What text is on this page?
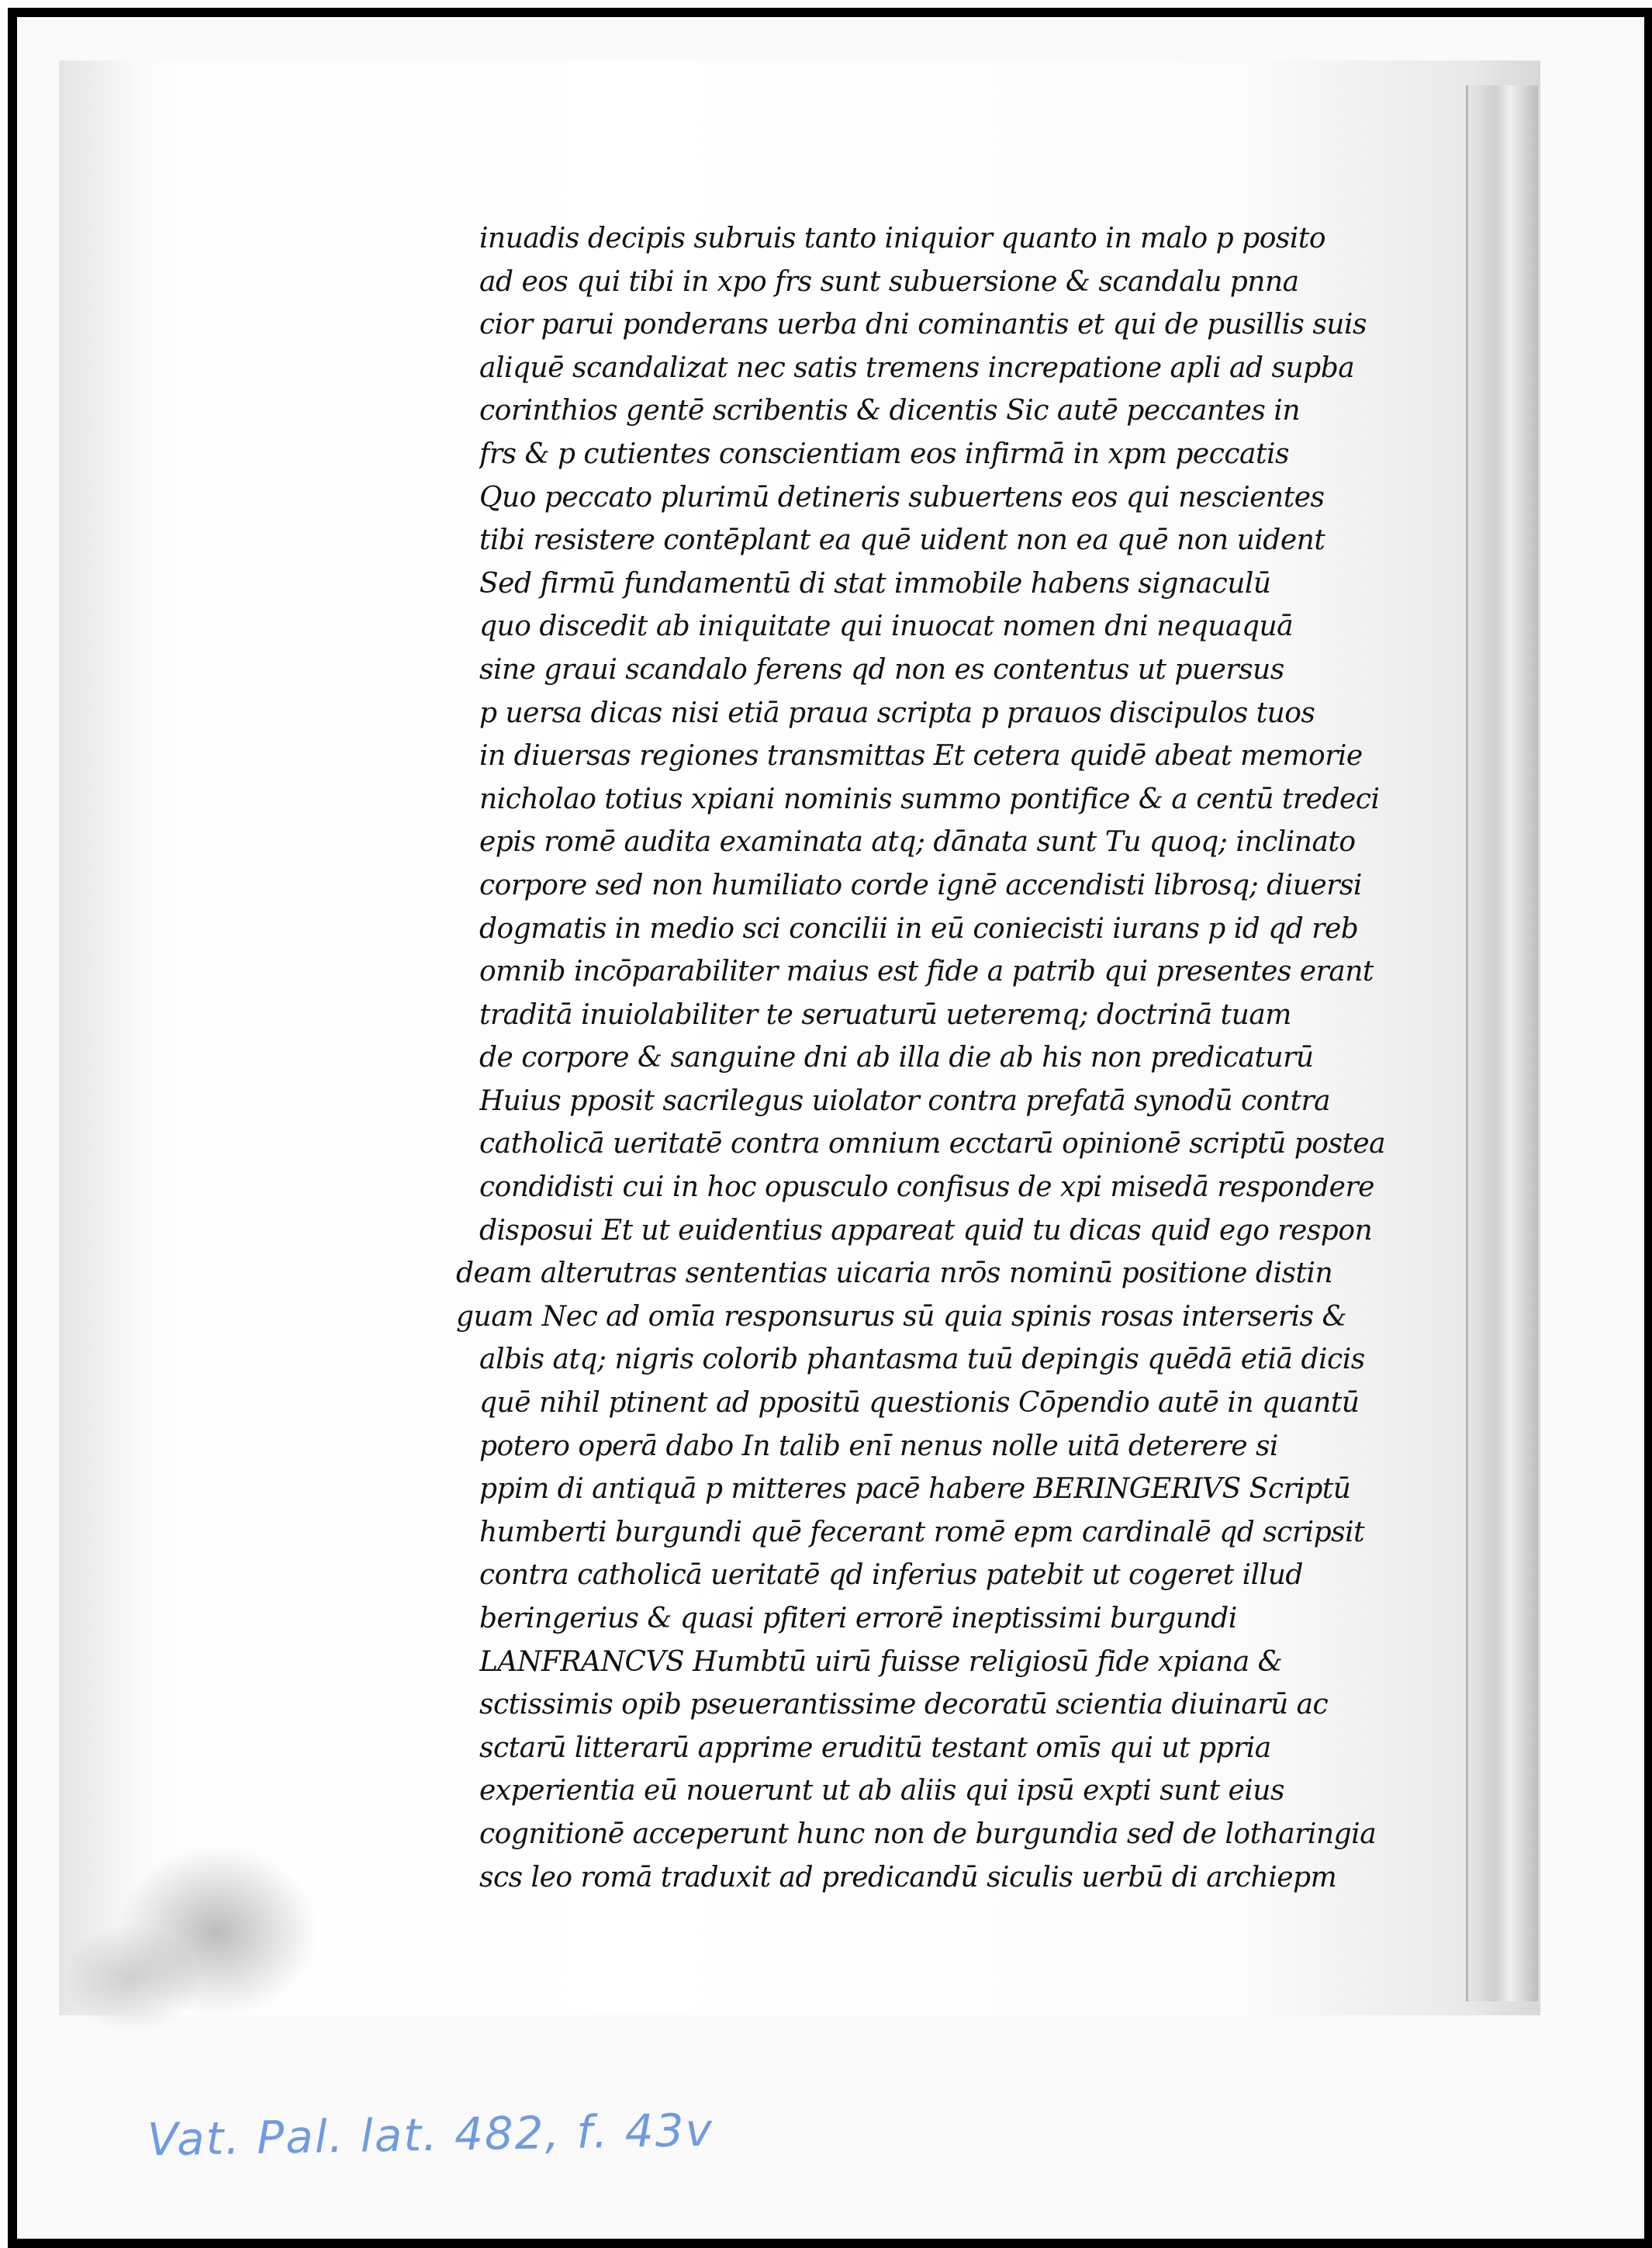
inuadis decipis subruis tanto iniquior quanto in malo p posito
ad eos qui tibi in xpo frs sunt subuersione & scandalu pnna
cior parui ponderans uerba dni cominantis et qui de pusillis suis
aliquē scandalizat nec satis tremens increpatione apli ad supba
corinthios gentē scribentis & dicentis Sic autē peccantes in
frs & p cutientes conscientiam eos infirmā in xpm peccatis
Quo peccato plurimū detineris subuertens eos qui nescientes
tibi resistere contēplant ea quē uident non ea quē non uident
Sed firmū fundamentū di stat immobile habens signaculū
quo discedit ab iniquitate qui inuocat nomen dni nequaquā
sine graui scandalo ferens qd non es contentus ut puersus
p uersa dicas nisi etiā praua scripta p prauos discipulos tuos
in diuersas regiones transmittas Et cetera quidē abeat memorie
nicholao totius xpiani nominis summo pontifice & a centū tredeci
epis romē audita examinata atq; dānata sunt Tu quoq; inclinato
corpore sed non humiliato corde ignē accendisti librosq; diuersi
dogmatis in medio sci concilii in eū coniecisti iurans p id qd reb
omnib incōparabiliter maius est fide a patrib qui presentes erant
traditā inuiolabiliter te seruaturū ueteremq; doctrinā tuam
de corpore & sanguine dni ab illa die ab his non predicaturū
Huius pposit sacrilegus uiolator contra prefatā synodū contra
catholicā ueritatē contra omnium ecctarū opinionē scriptū postea
condidisti cui in hoc opusculo confisus de xpi misedā respondere
disposui Et ut euidentius appareat quid tu dicas quid ego respon
deam alterutras sententias uicaria nrōs nominū positione distin
guam Nec ad omīa responsurus sū quia spinis rosas interseris &
albis atq; nigris colorib phantasma tuū depingis quēdā etiā dicis
quē nihil ptinent ad ppositū questionis Cōpendio autē in quantū
potero operā dabo In talib enī nenus nolle uitā deterere si
ppim di antiquā p mitteres pacē habere BERINGERIVS Scriptū
humberti burgundi quē fecerant romē epm cardinalē qd scripsit
contra catholicā ueritatē qd inferius patebit ut cogeret illud
beringerius & quasi pfiteri errorē ineptissimi burgundi
LANFRANCVS Humbtū uirū fuisse religiosū fide xpiana &
sctissimis opib pseuerantissime decoratū scientia diuinarū ac
sctarū litterarū apprime eruditū testant omīs qui ut ppria
experientia eū nouerunt ut ab aliis qui ipsū expti sunt eius
cognitionē acceperunt hunc non de burgundia sed de lotharingia
scs leo romā traduxit ad predicandū siculis uerbū di archiepm
Vat. Pal. lat. 482, f. 43v
